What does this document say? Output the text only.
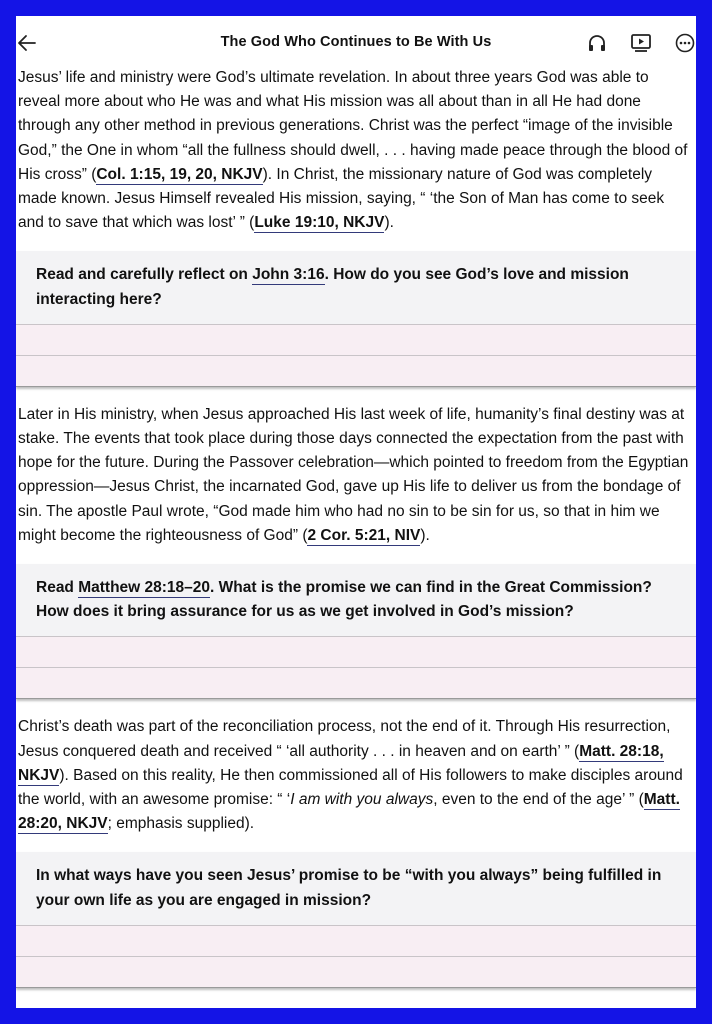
The God Who Continues to Be With Us

Jesus’ life and ministry were God’s ultimate revelation. In about three years God was able to reveal more about who He was and what His mission was all about than in all He had done through any other method in previous generations. Christ was the perfect “image of the invisible God,” the One in whom “all the fullness should dwell, . . . having made peace through the blood of His cross” (Col. 1:15, 19, 20, NKJV). In Christ, the missionary nature of God was completely made known. Jesus Himself revealed His mission, saying, “ ‘the Son of Man has come to seek and to save that which was lost’ ” (Luke 19:10, NKJV).

Read and carefully reflect on John 3:16. How do you see God’s love and mission interacting here?

Later in His ministry, when Jesus approached His last week of life, humanity’s final destiny was at stake. The events that took place during those days connected the expectation from the past with hope for the future. During the Passover celebration—which pointed to freedom from the Egyptian oppression—Jesus Christ, the incarnated God, gave up His life to deliver us from the bondage of sin. The apostle Paul wrote, “God made him who had no sin to be sin for us, so that in him we might become the righteousness of God” (2 Cor. 5:21, NIV).

Read Matthew 28:18–20. What is the promise we can find in the Great Commission? How does it bring assurance for us as we get involved in God’s mission?

Christ’s death was part of the reconciliation process, not the end of it. Through His resurrection, Jesus conquered death and received “ ‘all authority . . . in heaven and on earth’ ” (Matt. 28:18, NKJV). Based on this reality, He then commissioned all of His followers to make disciples around the world, with an awesome promise: “ ‘I am with you always, even to the end of the age’ ” (Matt. 28:20, NKJV; emphasis supplied).

In what ways have you seen Jesus’ promise to be “with you always” being fulfilled in your own life as you are engaged in mission?
